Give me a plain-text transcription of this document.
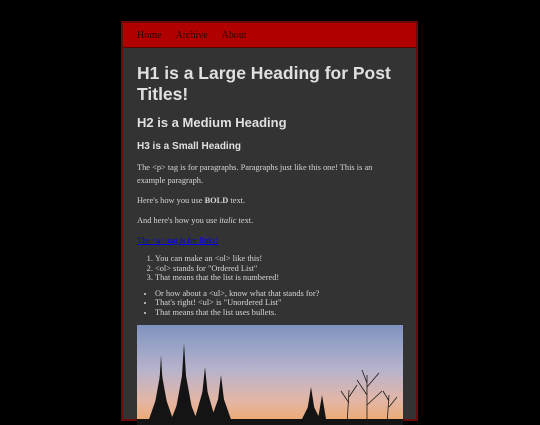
Home Archive About
H1 is a Large Heading for Post Titles!
H2 is a Medium Heading
H3 is a Small Heading

The <p> tag is for paragraphs. Paragraphs just like this one! This is an example paragraph.

Here's how you use BOLD text.

And here's how you use italic text.

The <a> tag is for links!

1. You can make an <ol> like this!
2. <ol> stands for "Ordered List"
3. That means that the list is numbered!
• Or how about a <ul>, know what that stands for?
• That's right! <ul> is "Unordered List"
• That means that the list uses bullets.
